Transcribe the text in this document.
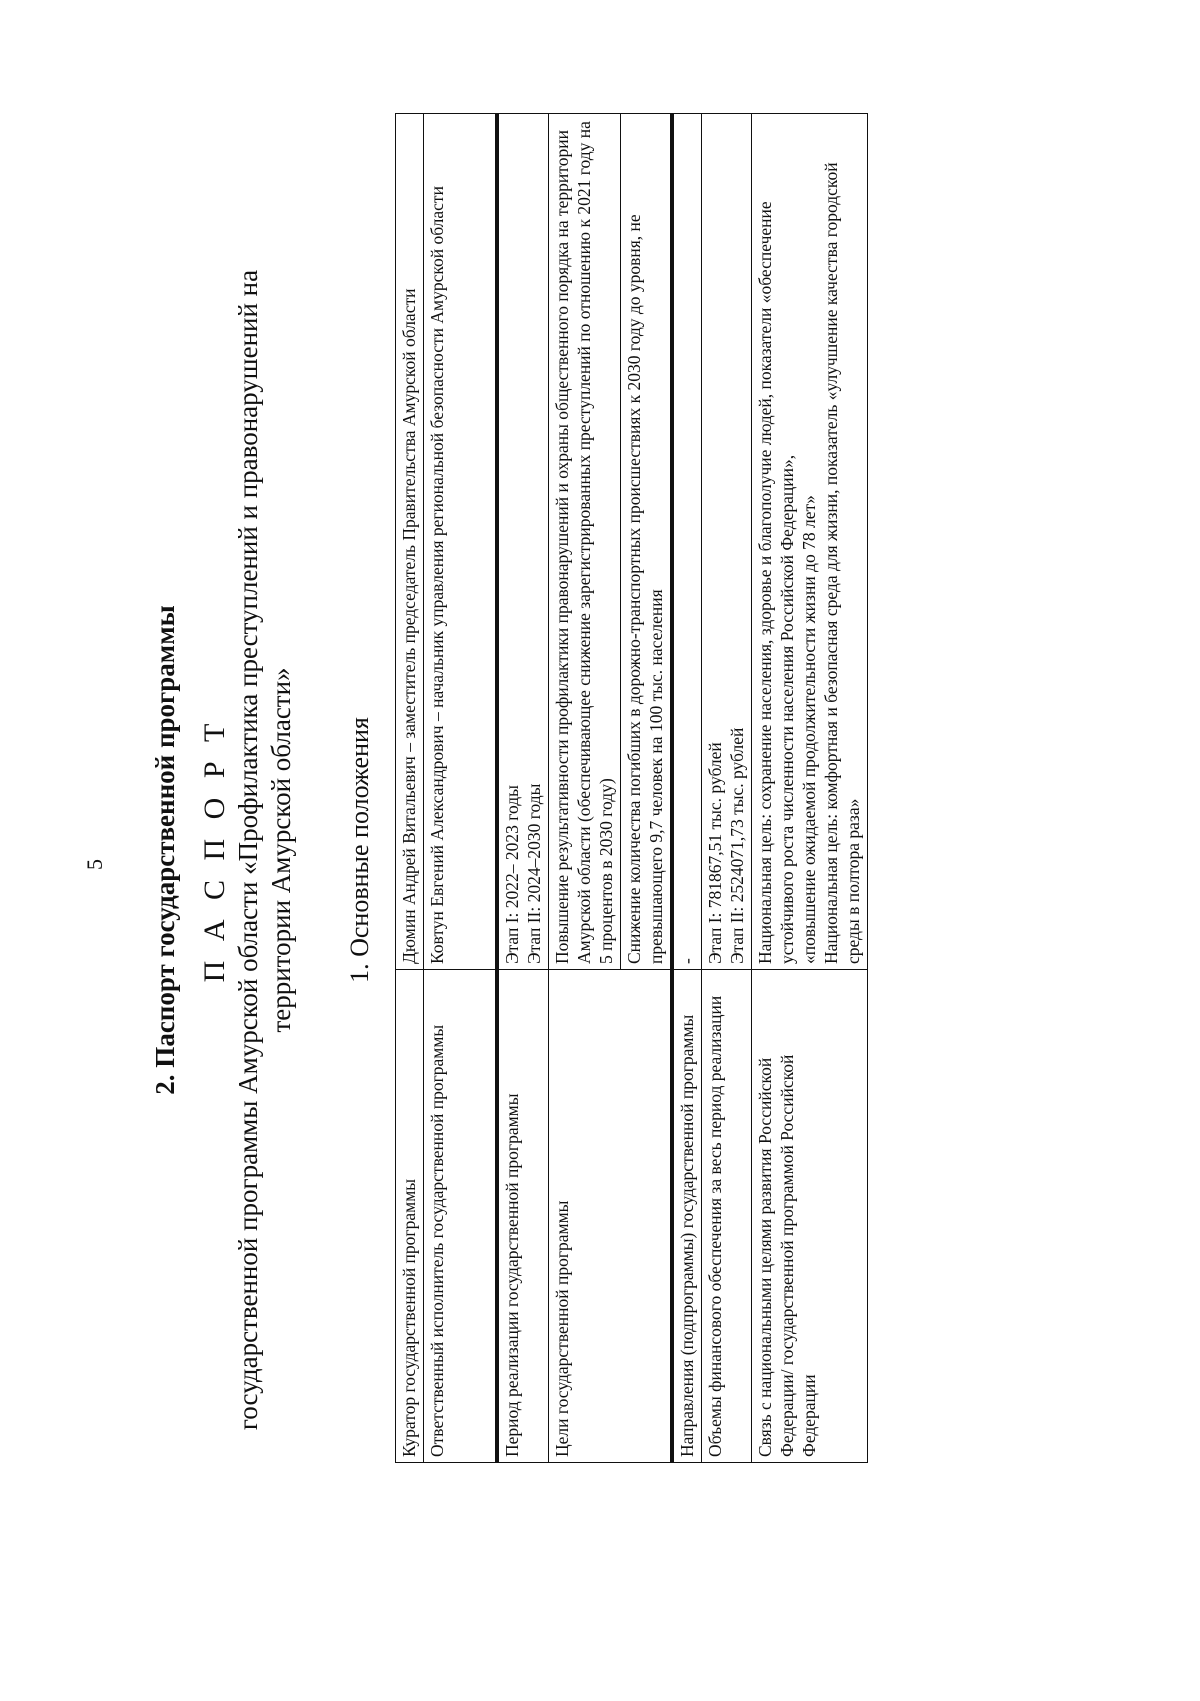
5 2. Паспорт государственной программы П А С П О Р Т государственной программы Амурской области «Профилактика преступлений и правонарушений на территории Амурской области» 1. Основные положения
Куратор государственной программы	Дюмин Андрей Витальевич – заместитель председатель Правительства Амурской области

Ответственный исполнитель государственной программы	Ковтун Евгений Александрович – начальник управления региональной безопасности Амурской области

Период реализации государственной программы	Этап I: 2022– 2023 годы Этап II: 2024–2030 годы

Цели государственной программы	Повышение результативности профилактики правонарушений и охраны общественного порядка на территории Амурской области (обеспечивающее снижение зарегистрированных преступлений по отношению к 2021 году на 5 процентов в 2030 году)

	Снижение количества погибших в дорожно-транспортных происшествиях к 2030 году до уровня, не превышающего 9,7 человек на 100 тыс. населения

Направления (подпрограммы) государственной программы	-

Объемы финансового обеспечения за весь период реализации	Этап I: 781867,51 тыс. рублей Этап II: 2524071,73 тыс. рублей

Связь с национальными целями развития Российской Федерации/ государственной программой Российской Федерации	Национальная цель: сохранение населения, здоровье и благополучие людей, показатели «обеспечение устойчивого роста численности населения Российской Федерации», «повышение ожидаемой продолжительности жизни до 78 лет» Национальная цель: комфортная и безопасная среда для жизни, показатель «улучшение качества городской среды в полтора раза»
